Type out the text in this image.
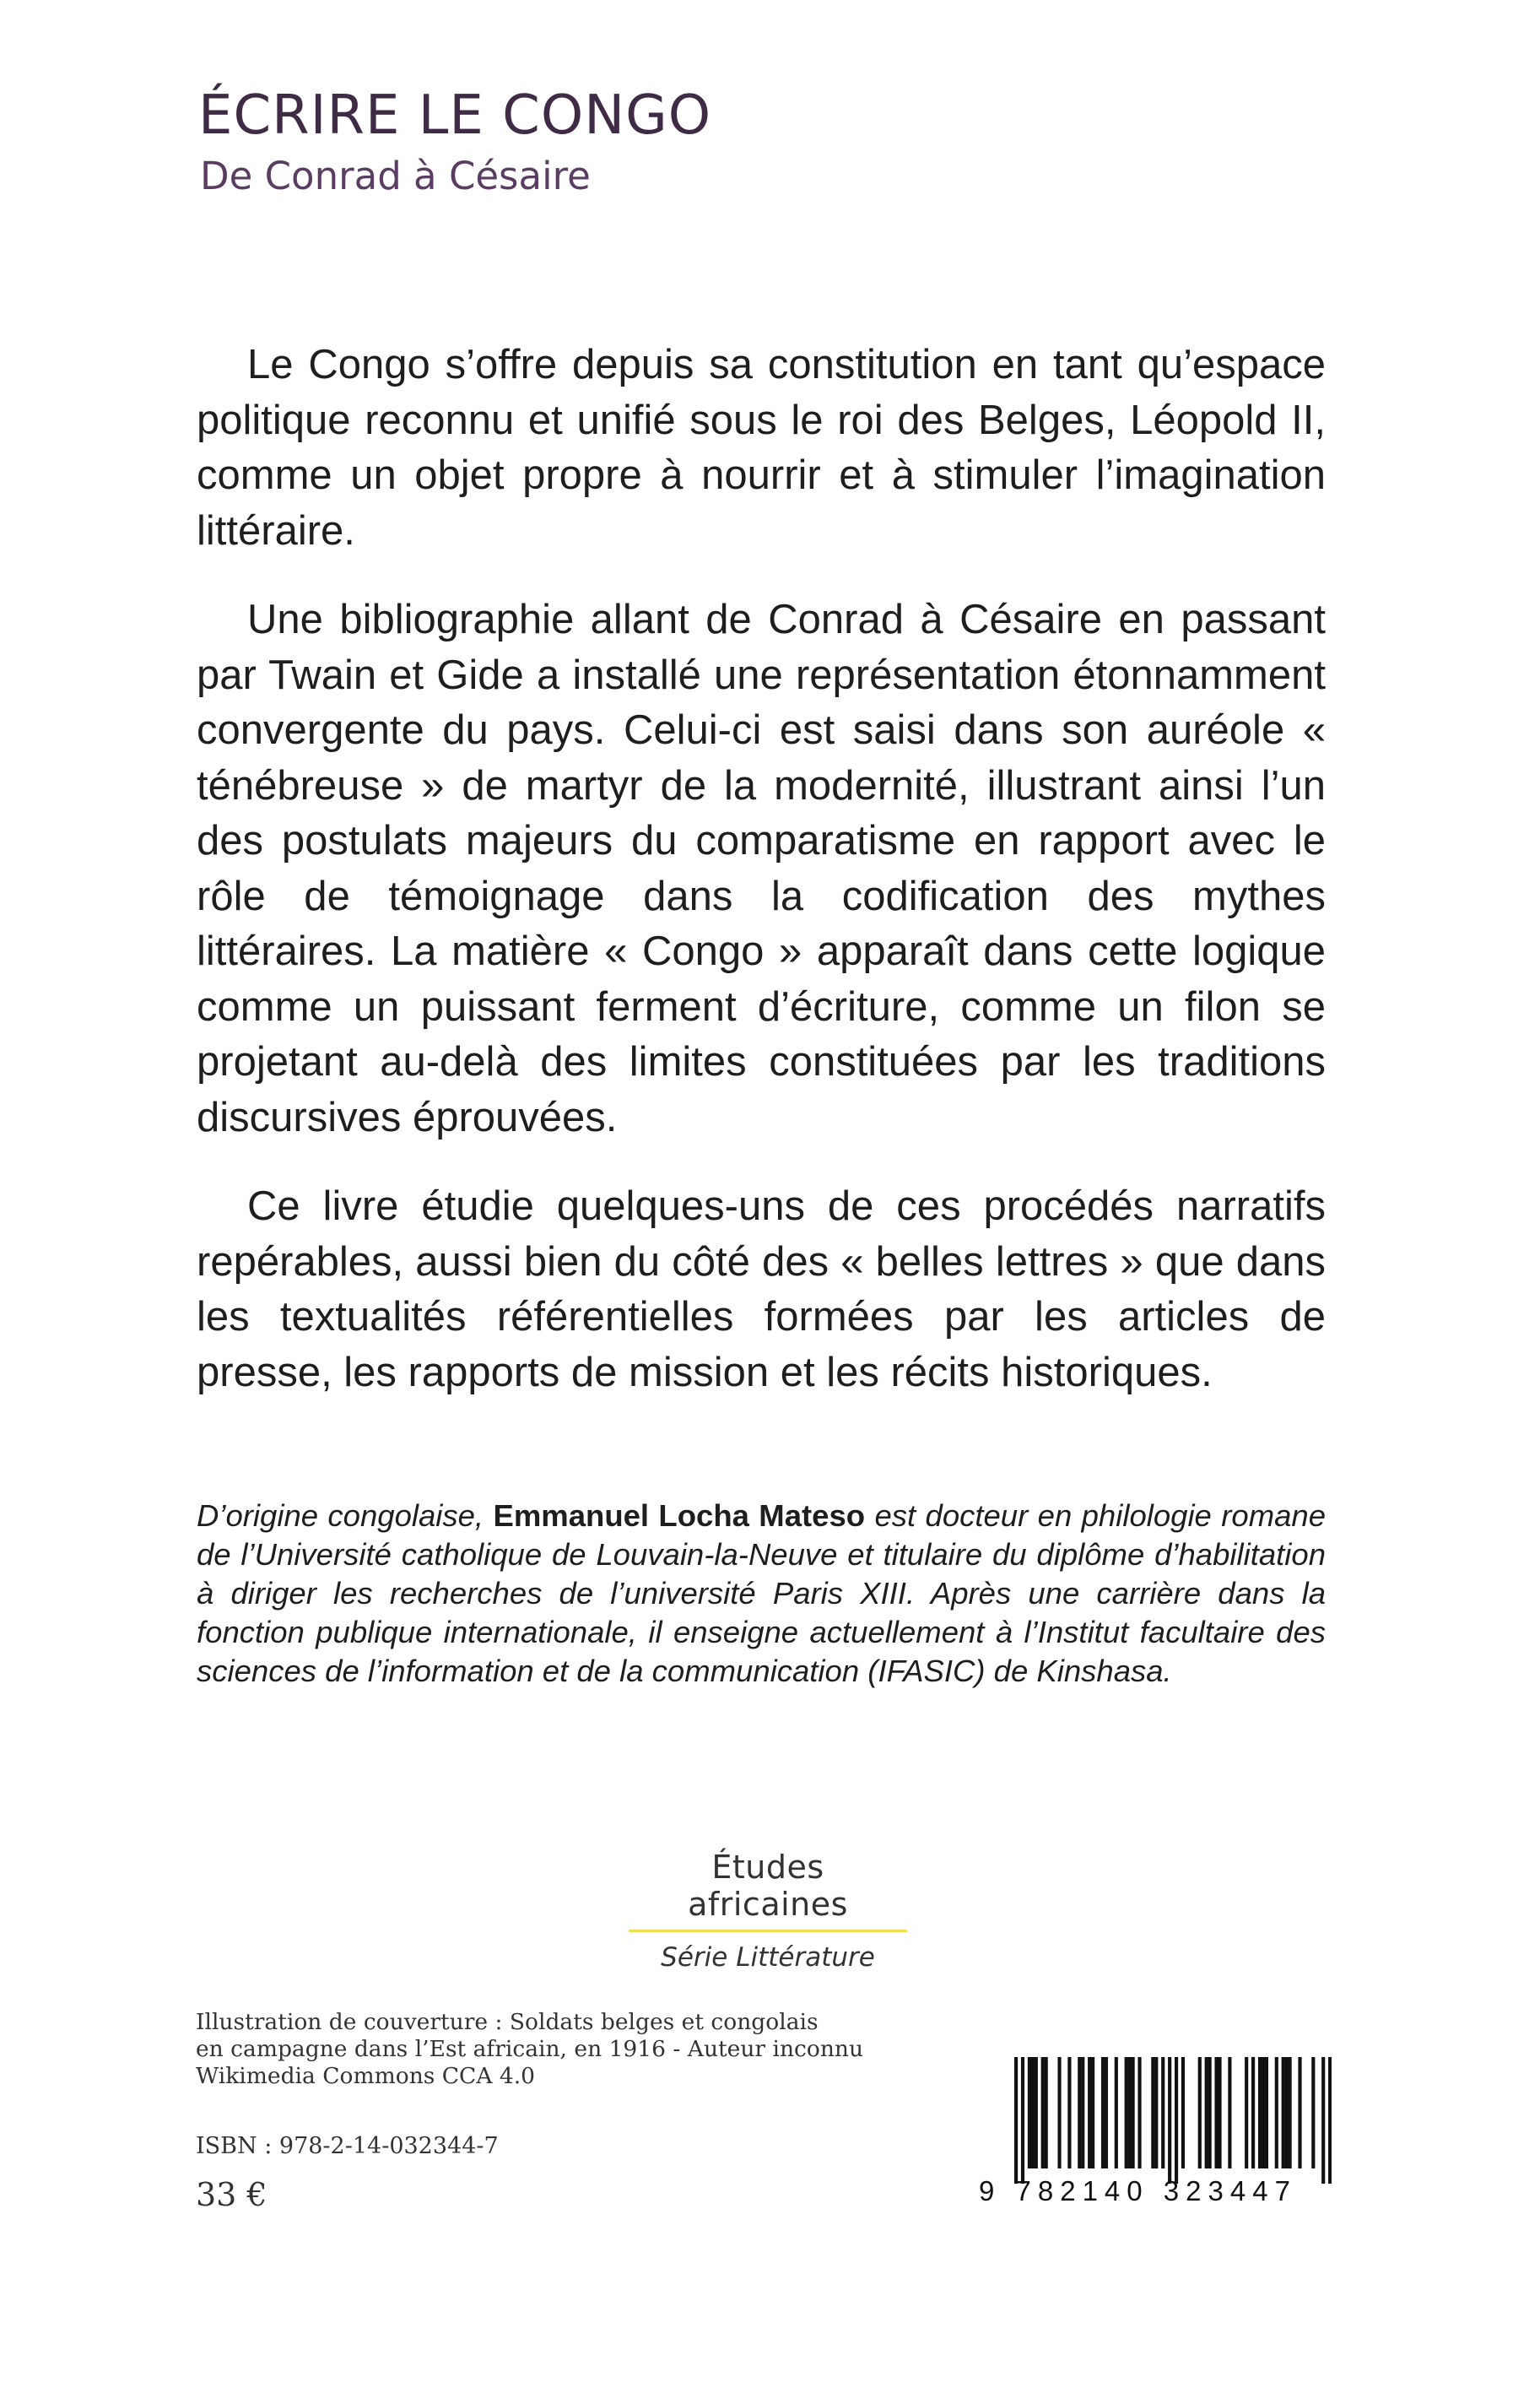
ÉCRIRE LE CONGO
De Conrad à Césaire

Le Congo s’offre depuis sa constitution en tant qu’espace politique reconnu et unifié sous le roi des Belges, Léopold II, comme un objet propre à nourrir et à stimuler l’imagination littéraire.

Une bibliographie allant de Conrad à Césaire en passant par Twain et Gide a installé une représentation étonnamment convergente du pays. Celui-ci est saisi dans son auréole « ténébreuse » de martyr de la modernité, illustrant ainsi l’un des postulats majeurs du comparatisme en rapport avec le rôle de témoignage dans la codification des mythes littéraires. La matière « Congo » apparaît dans cette logique comme un puissant ferment d’écriture, comme un filon se projetant au-delà des limites constituées par les traditions discursives éprouvées.

Ce livre étudie quelques-uns de ces procédés narratifs repérables, aussi bien du côté des « belles lettres » que dans les textualités référentielles formées par les articles de presse, les rapports de mission et les récits historiques.

D’origine congolaise, Emmanuel Locha Mateso est docteur en philologie romane de l’Université catholique de Louvain-la-Neuve et titulaire du diplôme d’habilitation à diriger les recherches de l’université Paris XIII. Après une carrière dans la fonction publique internationale, il enseigne actuellement à l’Institut facultaire des sciences de l’information et de la communication (IFASIC) de Kinshasa.

Études africaines
Série Littérature
Illustration de couverture : Soldats belges et congolais
en campagne dans l’Est africain, en 1916 - Auteur inconnu
Wikimedia Commons CCA 4.0
ISBN : 978-2-14-032344-7
33 €	9 782140 323447
